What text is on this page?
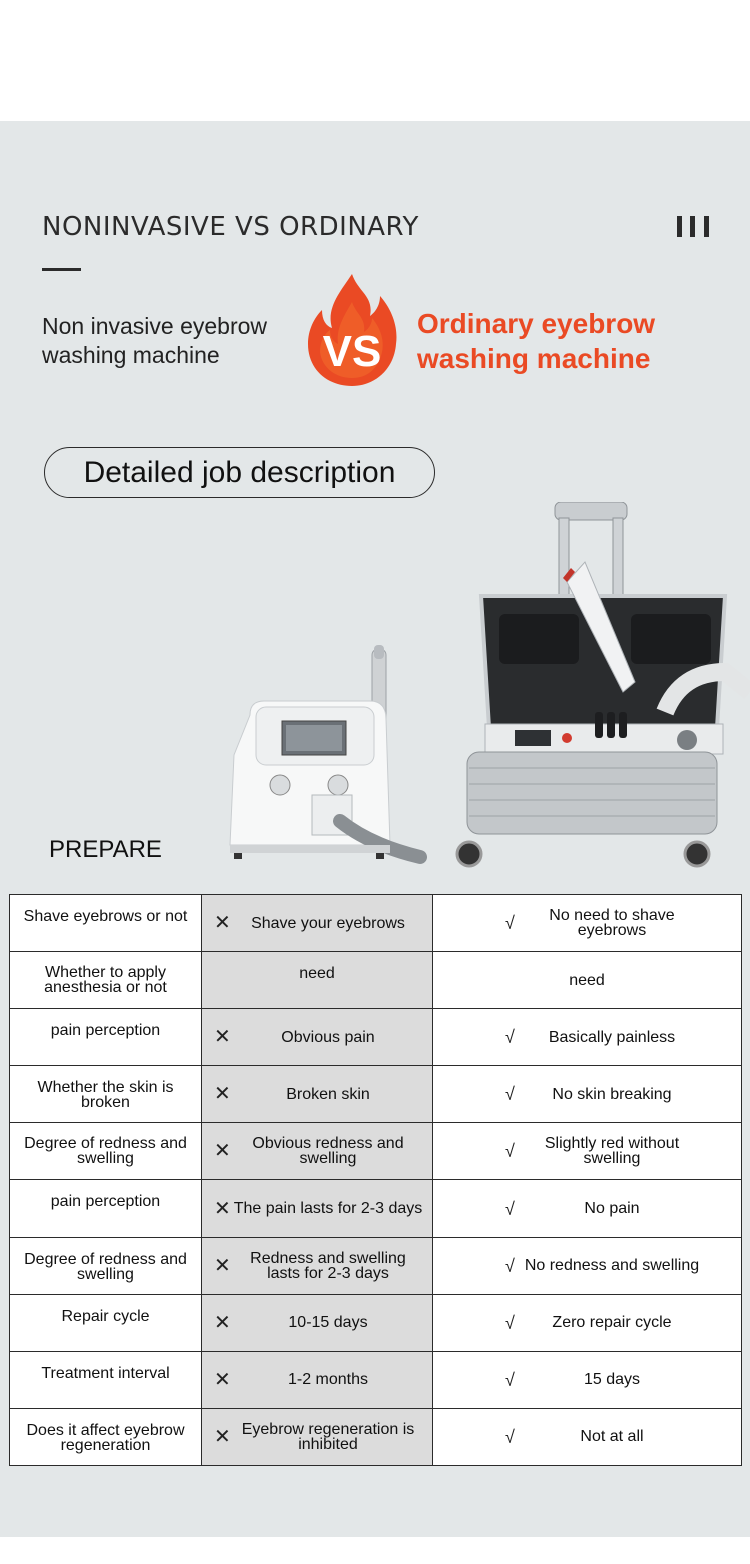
NONINVASIVE VS ORDINARY
Non invasive eyebrow
washing machine	VS
Ordinary eyebrow
washing machine
Detailed job description
PREPARE
Shave eyebrows or not	✕ Shave your eyebrows	√ No need to shave eyebrows
Whether to apply anesthesia or not	need	need
pain perception	✕ Obvious pain	√ Basically painless
Whether the skin is broken	✕ Broken skin	√ No skin breaking
Degree of redness and swelling	✕ Obvious redness and swelling	√ Slightly red without swelling
pain perception	✕ The pain lasts for 2-3 days	√ No pain
Degree of redness and swelling	✕ Redness and swelling lasts for 2-3 days	√ No redness and swelling
Repair cycle	✕ 10-15 days	√ Zero repair cycle
Treatment interval	✕ 1-2 months	√ 15 days
Does it affect eyebrow regeneration	✕ Eyebrow regeneration is inhibited	√ Not at all
